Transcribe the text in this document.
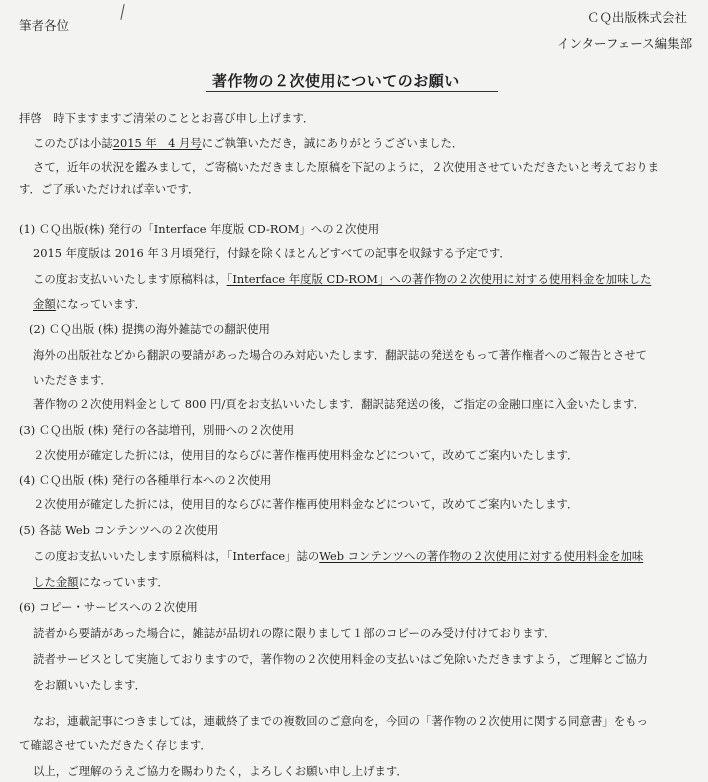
筆者各位
ＣＱ出版株式会社
インターフェース編集部
著作物の２次使用についてのお願い
拝啓　時下ますますご清栄のこととお喜び申し上げます．
このたびは小誌2015 年　4 月号にご執筆いただき，誠にありがとうございました．
さて，近年の状況を鑑みまして，ご寄稿いただきました原稿を下記のように，２次使用させていただきたいと考えておりま
す．ご了承いただければ幸いです．
(1) ＣＱ出版(株) 発行の「Interface 年度版 CD-ROM」への２次使用
2015 年度版は 2016 年３月頃発行，付録を除くほとんどすべての記事を収録する予定です．
この度お支払いいたします原稿料は，「Interface 年度版 CD-ROM」への著作物の２次使用に対する使用料金を加味した
金額になっています．
(2) ＣＱ出版 (株) 提携の海外雑誌での翻訳使用
海外の出版社などから翻訳の要請があった場合のみ対応いたします．翻訳誌の発送をもって著作権者へのご報告とさせて
いただきます．
著作物の２次使用料金として 800 円/頁をお支払いいたします．翻訳誌発送の後，ご指定の金融口座に入金いたします．
(3) ＣＱ出版 (株) 発行の各誌増刊，別冊への２次使用
２次使用が確定した折には，使用目的ならびに著作権再使用料金などについて，改めてご案内いたします．
(4) ＣＱ出版 (株) 発行の各種単行本への２次使用
２次使用が確定した折には，使用目的ならびに著作権再使用料金などについて，改めてご案内いたします．
(5) 各誌 Web コンテンツへの２次使用
この度お支払いいたします原稿料は，「Interface」誌のWeb コンテンツへの著作物の２次使用に対する使用料金を加味
した金額になっています．
(6) コピー・サービスへの２次使用
読者から要請があった場合に，雑誌が品切れの際に限りまして１部のコピーのみ受け付けております．
読者サービスとして実施しておりますので，著作物の２次使用料金の支払いはご免除いただきますよう，ご理解とご協力
をお願いいたします．
なお，連載記事につきましては，連載終了までの複数回のご意向を，今回の「著作物の２次使用に関する同意書」をもっ
て確認させていただきたく存じます．
以上，ご理解のうえご協力を賜わりたく，よろしくお願い申し上げます．
